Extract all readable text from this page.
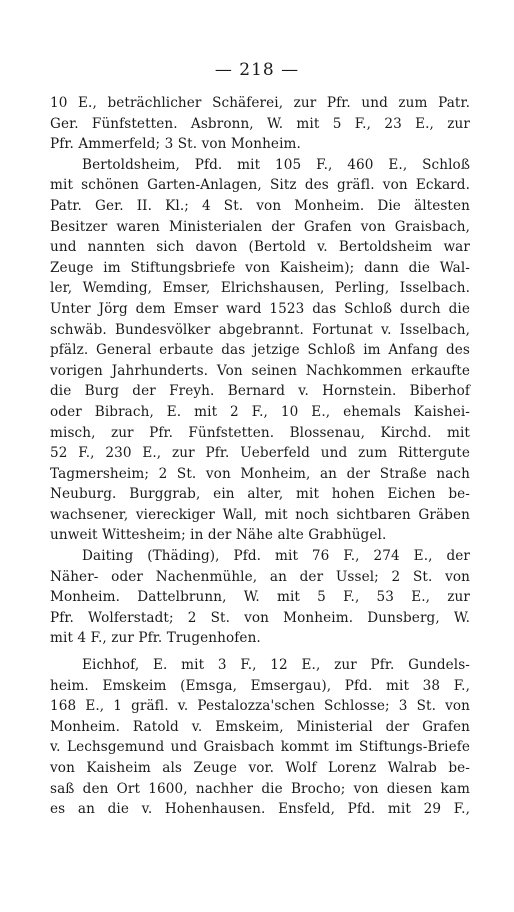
— 218 —
10 E., beträchlicher Schäferei, zur Pfr. und zum Patr.
Ger. Fünfstetten. Asbronn, W. mit 5 F., 23 E., zur
Pfr. Ammerfeld; 3 St. von Monheim.
Bertoldsheim, Pfd. mit 105 F., 460 E., Schloß
mit schönen Garten-Anlagen, Sitz des gräfl. von Eckard.
Patr. Ger. II. Kl.; 4 St. von Monheim. Die ältesten
Besitzer waren Ministerialen der Grafen von Graisbach,
und nannten sich davon (Bertold v. Bertoldsheim war
Zeuge im Stiftungsbriefe von Kaisheim); dann die Wal-
ler, Wemding, Emser, Elrichshausen, Perling, Isselbach.
Unter Jörg dem Emser ward 1523 das Schloß durch die
schwäb. Bundesvölker abgebrannt. Fortunat v. Isselbach,
pfälz. General erbaute das jetzige Schloß im Anfang des
vorigen Jahrhunderts. Von seinen Nachkommen erkaufte
die Burg der Freyh. Bernard v. Hornstein. Biberhof
oder Bibrach, E. mit 2 F., 10 E., ehemals Kaishei-
misch, zur Pfr. Fünfstetten. Blossenau, Kirchd. mit
52 F., 230 E., zur Pfr. Ueberfeld und zum Rittergute
Tagmersheim; 2 St. von Monheim, an der Straße nach
Neuburg. Burggrab, ein alter, mit hohen Eichen be-
wachsener, viereckiger Wall, mit noch sichtbaren Gräben
unweit Wittesheim; in der Nähe alte Grabhügel.
Daiting (Thäding), Pfd. mit 76 F., 274 E., der
Näher- oder Nachenmühle, an der Ussel; 2 St. von
Monheim. Dattelbrunn, W. mit 5 F., 53 E., zur
Pfr. Wolferstadt; 2 St. von Monheim. Dunsberg, W.
mit 4 F., zur Pfr. Trugenhofen.
Eichhof, E. mit 3 F., 12 E., zur Pfr. Gundels-
heim. Emskeim (Emsga, Emsergau), Pfd. mit 38 F.,
168 E., 1 gräfl. v. Pestalozza'schen Schlosse; 3 St. von
Monheim. Ratold v. Emskeim, Ministerial der Grafen
v. Lechsgemund und Graisbach kommt im Stiftungs-Briefe
von Kaisheim als Zeuge vor. Wolf Lorenz Walrab be-
saß den Ort 1600, nachher die Brocho; von diesen kam
es an die v. Hohenhausen. Ensfeld, Pfd. mit 29 F.,
